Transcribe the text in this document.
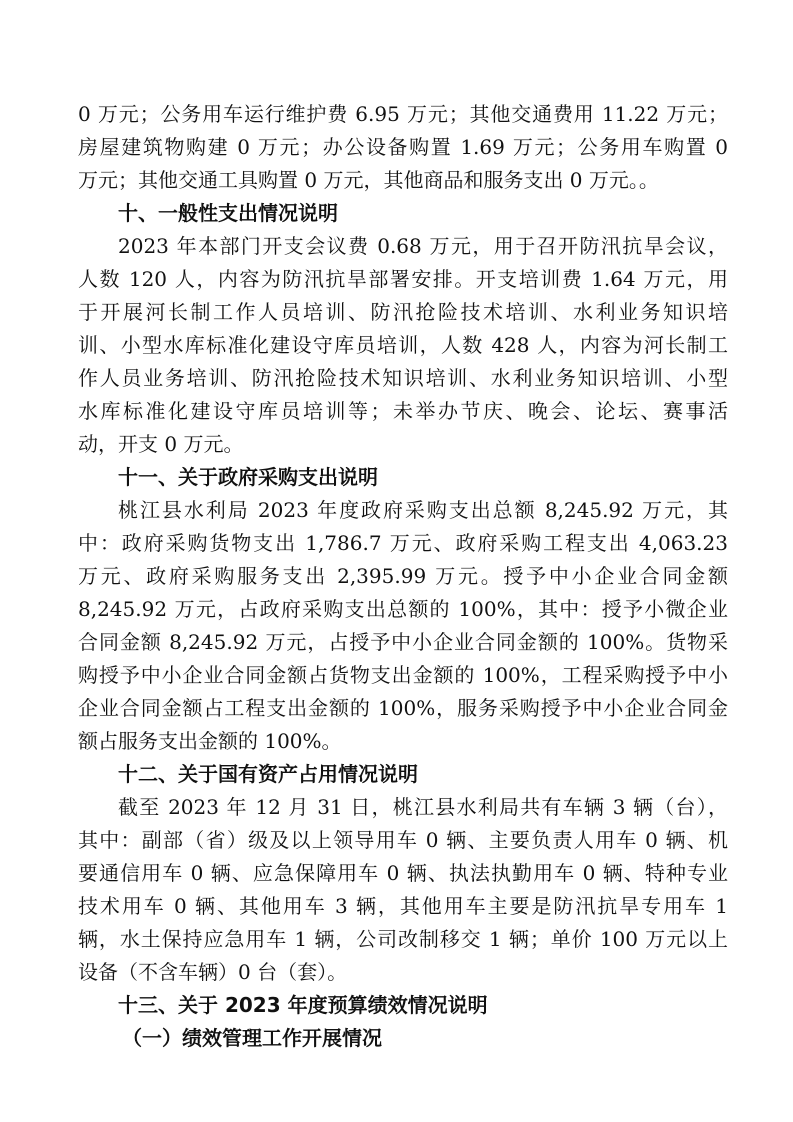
0 万元；公务用车运行维护费 6.95 万元；其他交通费用 11.22 万元；
房屋建筑物购建 0 万元；办公设备购置 1.69 万元；公务用车购置 0
万元；其他交通工具购置 0 万元，其他商品和服务支出 0 万元。。
十、一般性支出情况说明
2023 年本部门开支会议费 0.68 万元，用于召开防汛抗旱会议，
人数 120 人，内容为防汛抗旱部署安排。开支培训费 1.64 万元，用
于开展河长制工作人员培训、防汛抢险技术培训、水利业务知识培
训、小型水库标准化建设守库员培训，人数 428 人，内容为河长制工
作人员业务培训、防汛抢险技术知识培训、水利业务知识培训、小型
水库标准化建设守库员培训等；未举办节庆、晚会、论坛、赛事活
动，开支 0 万元。
十一、关于政府采购支出说明
桃江县水利局 2023 年度政府采购支出总额 8,245.92 万元，其
中：政府采购货物支出 1,786.7 万元、政府采购工程支出 4,063.23
万元、政府采购服务支出 2,395.99 万元。授予中小企业合同金额
8,245.92 万元，占政府采购支出总额的 100%，其中：授予小微企业
合同金额 8,245.92 万元，占授予中小企业合同金额的 100%。货物采
购授予中小企业合同金额占货物支出金额的 100%，工程采购授予中小
企业合同金额占工程支出金额的 100%，服务采购授予中小企业合同金
额占服务支出金额的 100%。
十二、关于国有资产占用情况说明
截至 2023 年 12 月 31 日，桃江县水利局共有车辆 3 辆（台），
其中：副部（省）级及以上领导用车 0 辆、主要负责人用车 0 辆、机
要通信用车 0 辆、应急保障用车 0 辆、执法执勤用车 0 辆、特种专业
技术用车 0 辆、其他用车 3 辆，其他用车主要是防汛抗旱专用车 1
辆，水土保持应急用车 1 辆，公司改制移交 1 辆；单价 100 万元以上
设备（不含车辆）0 台（套）。
十三、关于 2023 年度预算绩效情况说明
（一）绩效管理工作开展情况
